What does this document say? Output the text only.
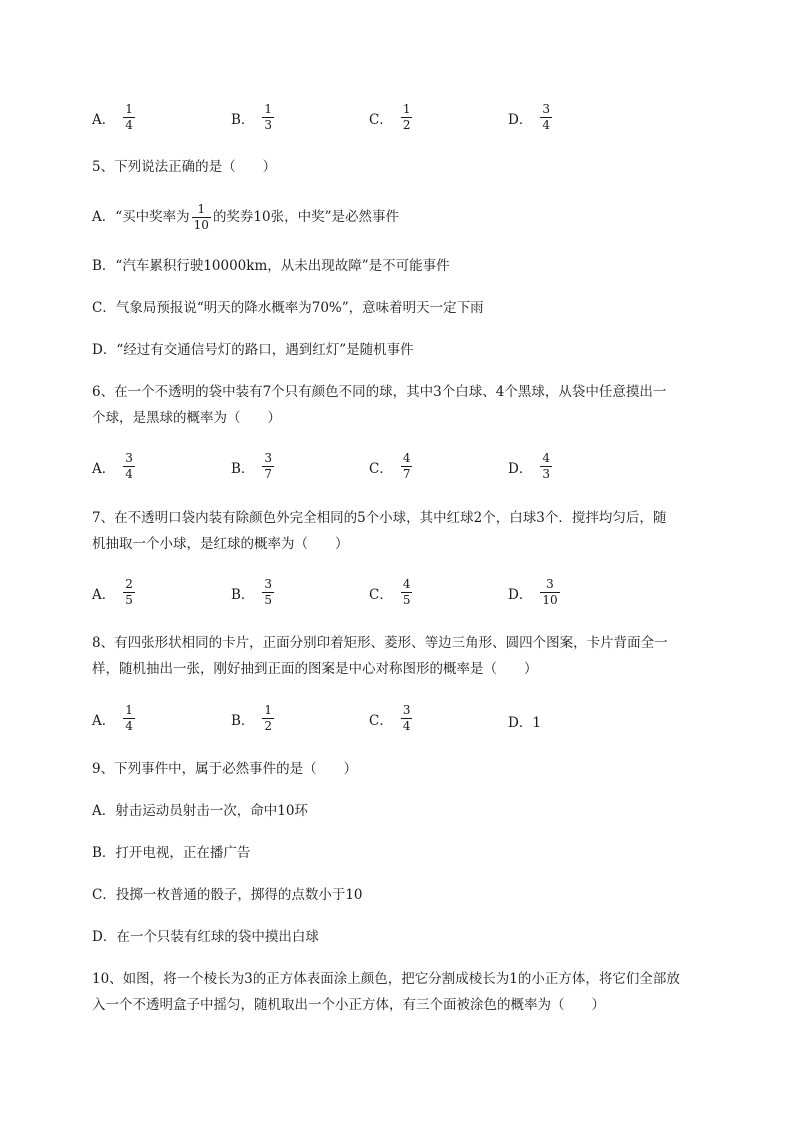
A． $\frac{1}{4}$	B． $\frac{1}{3}$	C． $\frac{1}{2}$	D． $\frac{3}{4}$
5、下列说法正确的是（　　）
A．“买中奖率为 $\frac{1}{10}$ 的奖券10张，中奖”是必然事件
B．“汽车累积行驶10000km，从未出现故障”是不可能事件
C．气象局预报说“明天的降水概率为70%”，意味着明天一定下雨
D．“经过有交通信号灯的路口，遇到红灯”是随机事件
6、在一个不透明的袋中装有7个只有颜色不同的球，其中3个白球、4个黑球，从袋中任意摸出一
个球，是黑球的概率为（　　）
A． $\frac{3}{4}$	B． $\frac{3}{7}$	C． $\frac{4}{7}$	D． $\frac{4}{3}$
7、在不透明口袋内装有除颜色外完全相同的5个小球，其中红球2个，白球3个．搅拌均匀后，随
机抽取一个小球，是红球的概率为（　　）
A． $\frac{2}{5}$	B． $\frac{3}{5}$	C． $\frac{4}{5}$	D． $\frac{3}{10}$
8、有四张形状相同的卡片，正面分别印着矩形、菱形、等边三角形、圆四个图案，卡片背面全一
样，随机抽出一张，刚好抽到正面的图案是中心对称图形的概率是（　　）
A． $\frac{1}{4}$	B． $\frac{1}{2}$	C． $\frac{3}{4}$	D．1
9、下列事件中，属于必然事件的是（　　）
A．射击运动员射击一次，命中10环
B．打开电视，正在播广告
C．投掷一枚普通的骰子，掷得的点数小于10
D．在一个只装有红球的袋中摸出白球
10、如图，将一个棱长为3的正方体表面涂上颜色，把它分割成棱长为1的小正方体，将它们全部放
入一个不透明盒子中摇匀，随机取出一个小正方体，有三个面被涂色的概率为（　　）
